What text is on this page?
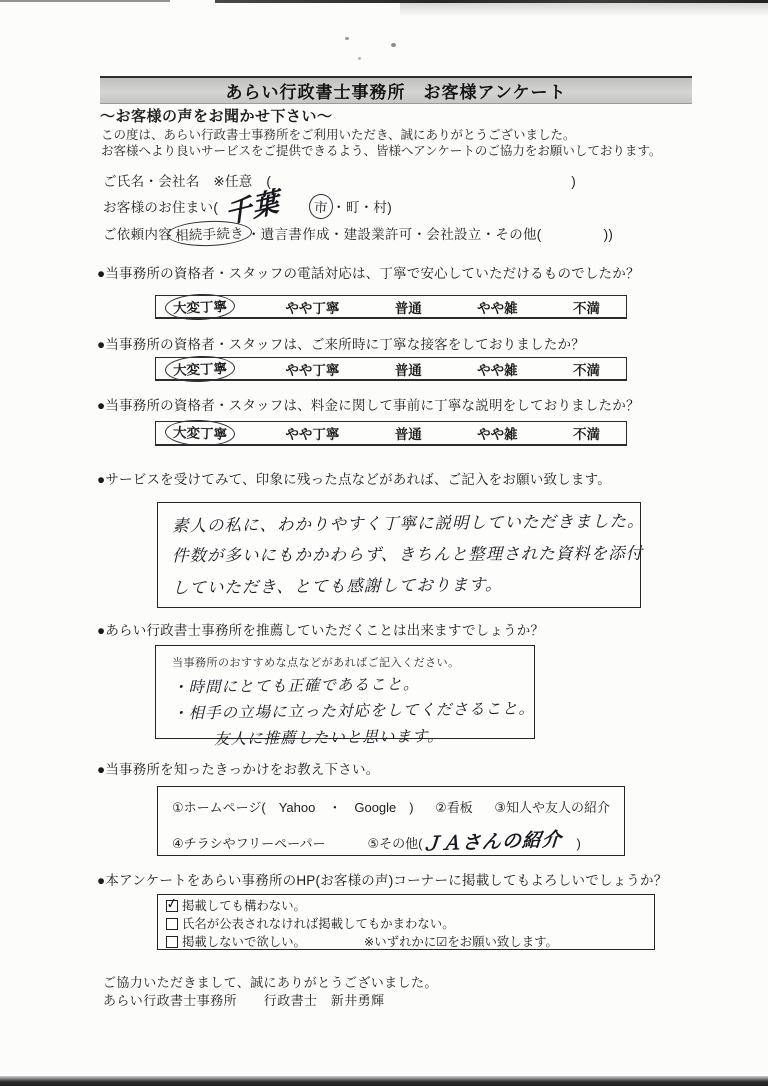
あらい行政書士事務所　お客様アンケート
～お客様の声をお聞かせ下さい～
この度は、あらい行政書士事務所をご利用いただき、誠にありがとうございました。
お客様へより良いサービスをご提供できるよう、皆様へアンケートのご協力をお願いしております。
ご氏名・会社名　※任意　(	)
お客様のお住まい(	市 ・町・村)
千葉
ご依頼内容 相続手続き ・遺言書作成・建設業許可・会社設立・その他(	))
●当事務所の資格者・スタッフの電話対応は、丁寧で安心していただけるものでしたか？
大変丁寧	やや丁寧	普通	やや雑	不満
●当事務所の資格者・スタッフは、ご来所時に丁寧な接客をしておりましたか？
大変丁寧	やや丁寧	普通	やや雑	不満
●当事務所の資格者・スタッフは、料金に関して事前に丁寧な説明をしておりましたか？
大変丁寧	やや丁寧	普通	やや雑	不満
●サービスを受けてみて、印象に残った点などがあれば、ご記入をお願い致します。
素人の私に、わかりやすく丁寧に説明していただきました。
件数が多いにもかかわらず、きちんと整理された資料を添付
していただき、とても感謝しております。
●あらい行政書士事務所を推薦していただくことは出来ますでしょうか？
当事務所のおすすめな点などがあればご記入ください。
・時間にとても正確であること。
・相手の立場に立った対応をしてくださること。
友人に推薦したいと思います。
●当事務所を知ったきっかけをお教え下さい。
①ホームページ(　Yahoo　・　Google　) ②看板 ③知人や友人の紹介
④チラシやフリーペーパー	⑤その他(ＪＡさんの紹介 )
●本アンケートをあらい事務所のHP(お客様の声)コーナーに掲載してもよろしいでしょうか？
✓ 掲載しても構わない。
氏名が公表されなければ掲載してもかまわない。
掲載しないで欲しい。	※いずれかに☑をお願い致します。
ご協力いただきまして、誠にありがとうございました。
あらい行政書士事務所　　行政書士　新井勇輝
